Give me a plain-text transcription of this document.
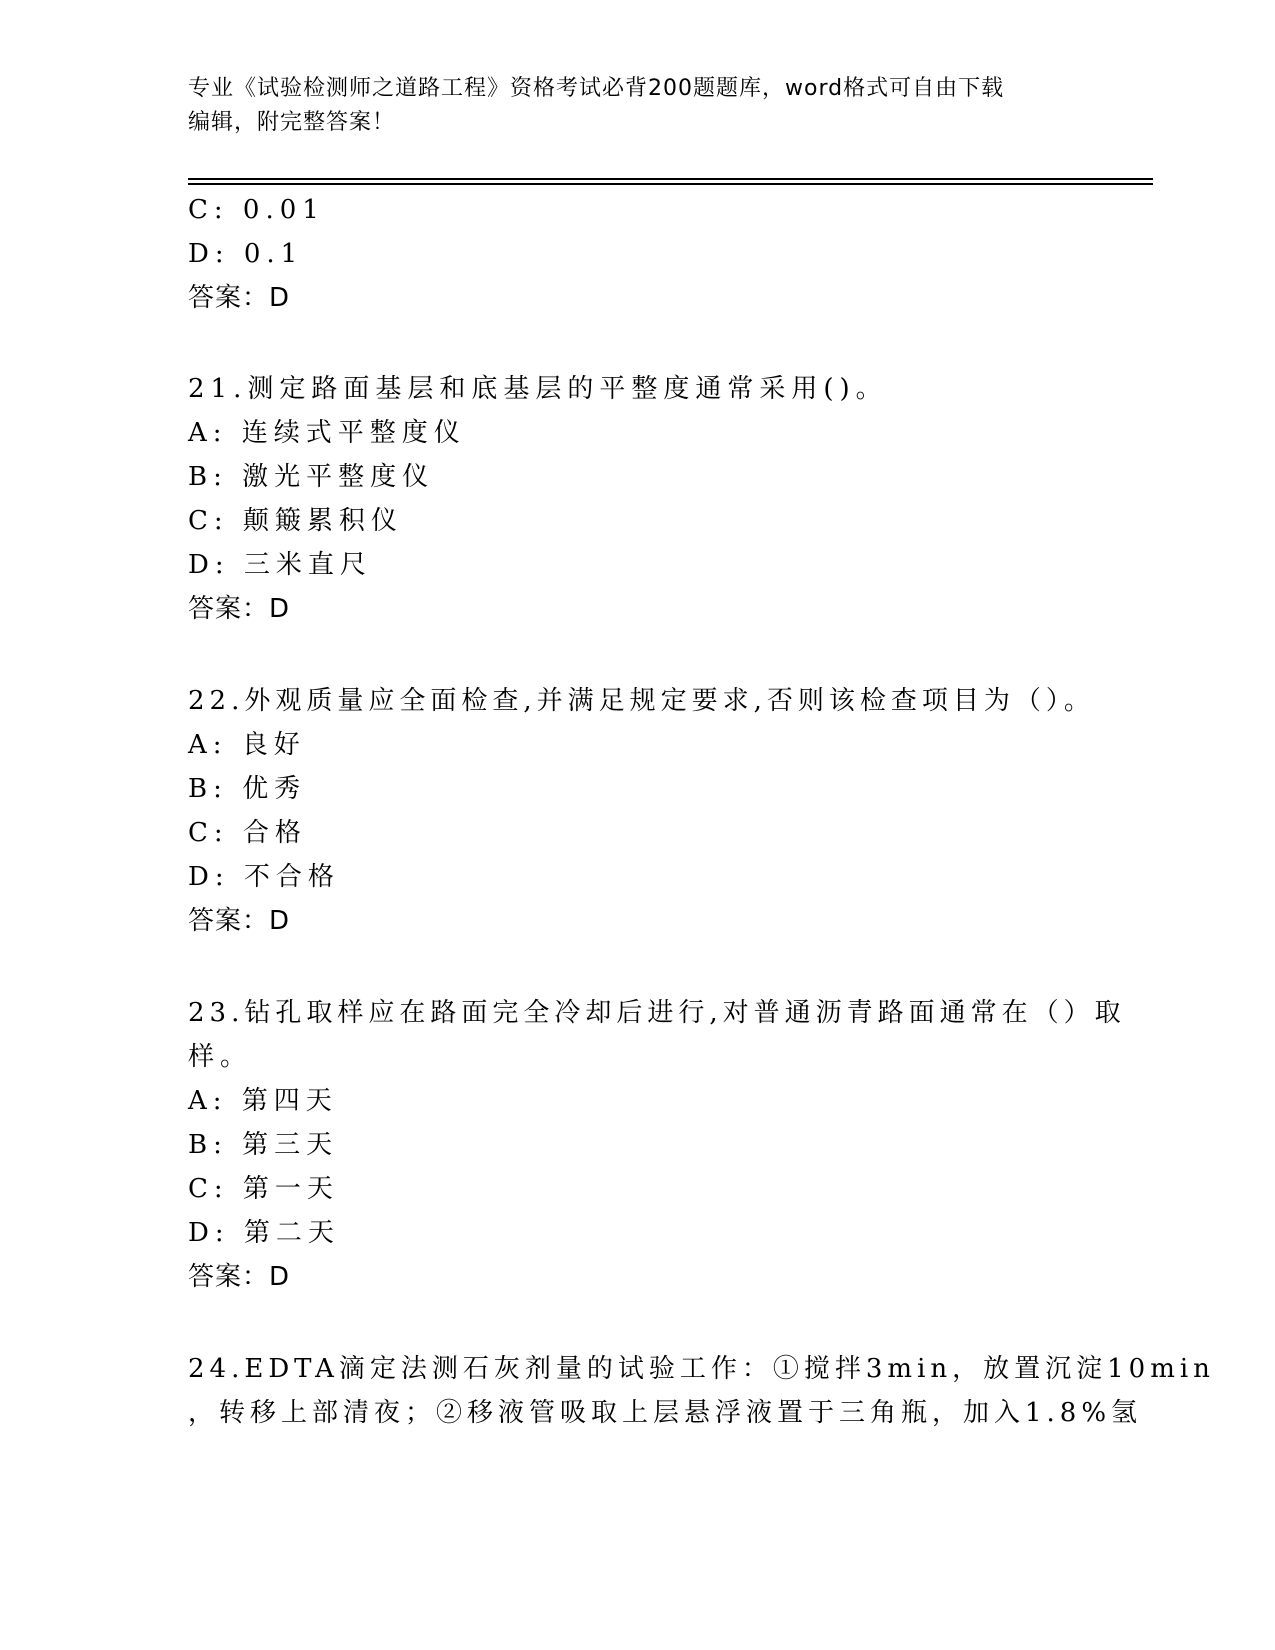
专业《试验检测师之道路工程》资格考试必背200题题库，word格式可自由下载
编辑，附完整答案！
C: 0.01
D: 0.1
答案：D
21.测定路面基层和底基层的平整度通常采用()。
A: 连续式平整度仪
B: 激光平整度仪
C: 颠簸累积仪
D: 三米直尺
答案：D
22.外观质量应全面检查,并满足规定要求,否则该检查项目为（）。
A: 良好
B: 优秀
C: 合格
D: 不合格
答案：D
23.钻孔取样应在路面完全冷却后进行,对普通沥青路面通常在（）取
样。
A: 第四天
B: 第三天
C: 第一天
D: 第二天
答案：D
24.EDTA滴定法测石灰剂量的试验工作：①搅拌3min，放置沉淀10min
，转移上部清夜；②移液管吸取上层悬浮液置于三角瓶，加入1.8%氢
